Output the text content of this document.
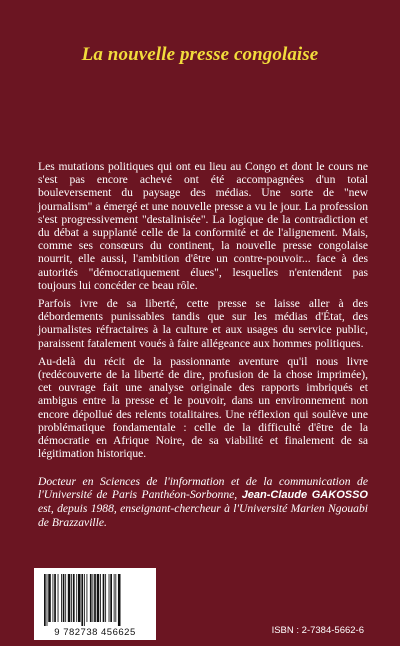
La nouvelle presse congolaise

Les mutations politiques qui ont eu lieu au Congo et dont le cours ne s'est pas encore achevé ont été accompagnées d'un total bouleversement du paysage des médias. Une sorte de "new journalism" a émergé et une nouvelle presse a vu le jour. La profession s'est progressivement "destalinisée". La logique de la contradiction et du débat a supplanté celle de la conformité et de l'alignement. Mais, comme ses consœurs du continent, la nouvelle presse congolaise nourrit, elle aussi, l'ambition d'être un contre-pouvoir... face à des autorités "démocratiquement élues", lesquelles n'entendent pas toujours lui concéder ce beau rôle.

Parfois ivre de sa liberté, cette presse se laisse aller à des débordements punissables tandis que sur les médias d'État, des journalistes réfractaires à la culture et aux usages du service public, paraissent fatalement voués à faire allégeance aux hommes politiques.

Au-delà du récit de la passionnante aventure qu'il nous livre (redécouverte de la liberté de dire, profusion de la chose imprimée), cet ouvrage fait une analyse originale des rapports imbriqués et ambigus entre la presse et le pouvoir, dans un environnement non encore dépollué des relents totalitaires. Une réflexion qui soulève une problématique fondamentale : celle de la difficulté d'être de la démocratie en Afrique Noire, de sa viabilité et finalement de sa légitimation historique.

Docteur en Sciences de l'information et de la communication de l'Université de Paris Panthéon-Sorbonne, Jean-Claude GAKOSSO est, depuis 1988, enseignant-chercheur à l'Université Marien Ngouabi de Brazzaville.
9 782738 456625	ISBN : 2-7384-5662-6
